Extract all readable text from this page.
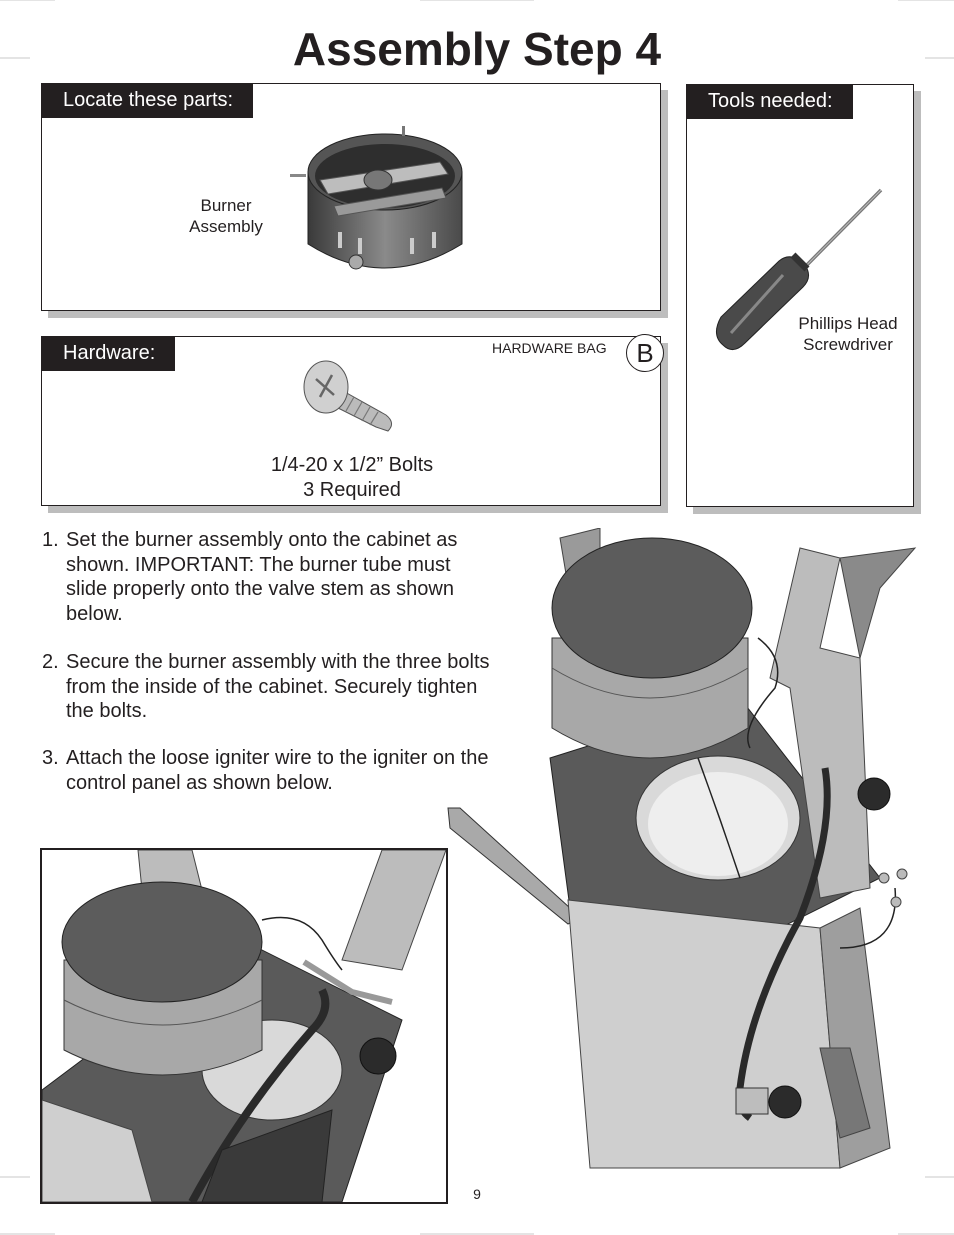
Assembly Step 4
Locate these parts:
Burner
Assembly
Tools needed:
Phillips Head
Screwdriver
Hardware:	HARDWARE BAG	B
1/4-20 x 1/2” Bolts
3 Required
1. Set the burner assembly onto the cabinet as
shown. IMPORTANT: The burner tube must
slide properly onto the valve stem as shown
below.
2. Secure the burner assembly with the three bolts
from the inside of the cabinet. Securely tighten
the bolts.
3. Attach the loose igniter wire to the igniter on the
control panel as shown below.
9
